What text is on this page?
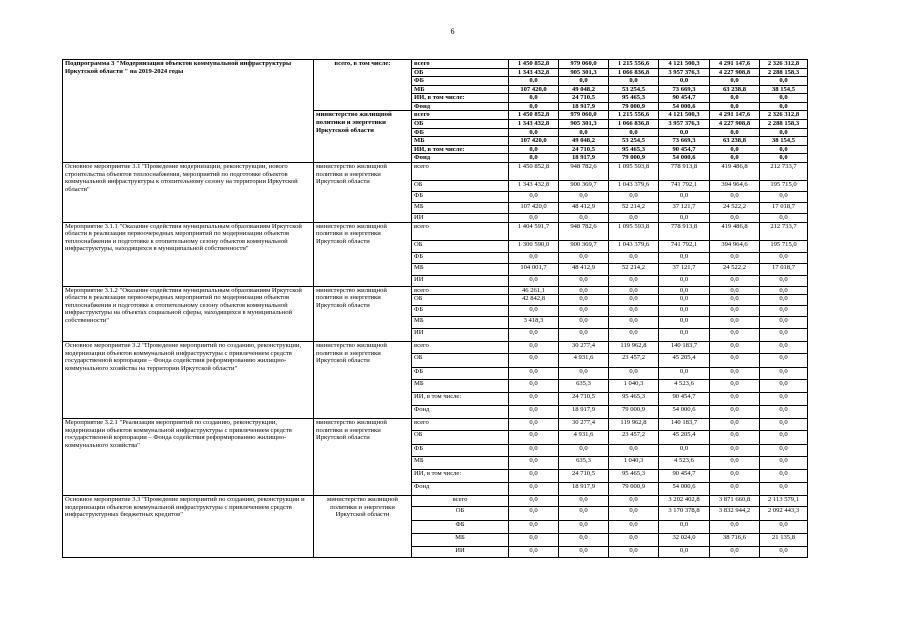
6
Подпрограмма 3 "Модернизация объектов коммунальной инфраструктуры Иркутской области " на 2019-2024 годы	всего, в том числе:	всего	1 450 852,8	979 060,0	1 215 556,6	4 121 500,3	4 291 147,6	2 326 312,8
		ОБ	1 343 432,8	905 301,3	1 066 836,8	3 957 376,3	4 227 908,8	2 288 158,3
		ФБ	0,0	0,0	0,0	0,0	0,0	0,0
		МБ	107 420,0	49 048,2	53 254,5	73 669,3	63 238,8	38 154,5
		ИИ, в том числе:	0,0	24 710,5	95 465,3	90 454,7	0,0	0,0
		Фонд	0,0	18 917,9	79 000,9	54 000,6	0,0	0,0
	министерство жилищной политики и энергетики Иркутской области	всего	1 450 852,8	979 060,0	1 215 556,6	4 121 500,3	4 291 147,6	2 326 312,8
		ОБ	1 343 432,8	905 301,3	1 066 836,8	3 957 376,3	4 227 908,8	2 288 158,3
		ФБ	0,0	0,0	0,0	0,0	0,0	0,0
		МБ	107 420,0	49 048,2	53 254,5	73 669,3	63 238,8	38 154,5
		ИИ, в том числе:	0,0	24 710,5	95 465,3	90 454,7	0,0	0,0
		Фонд	0,0	18 917,9	79 000,9	54 000,6	0,0	0,0
Основное мероприятие 3.1 "Проведение модернизации, реконструкции, нового строительства объектов теплоснабжения, мероприятий по подготовке объектов коммунальной инфраструктуры к отопительному сезону на территории Иркутской области"	министерство жилищной политики и энергетики Иркутской области	всего	1 450 852,8	948 782,6	1 095 593,8	778 913,8	419 486,8	212 733,7
		ОБ	1 343 432,8	900 369,7	1 043 379,6	741 792,1	394 964,6	195 715,0
		ФБ	0,0	0,0	0,0	0,0	0,0	0,0
		МБ	107 420,0	48 412,9	52 214,2	37 121,7	24 522,2	17 018,7
		ИИ	0,0	0,0	0,0	0,0	0,0	0,0
Мероприятие 3.1.1 "Оказание содействия муниципальным образованиям Иркутской области в реализации первоочередных мероприятий по модернизации объектов теплоснабжения и подготовке к отопительному сезону объектов коммунальной инфраструктуры, находящихся в муниципальной собственности"	министерство жилищной политики и энергетики Иркутской области	всего	1 404 591,7	948 782,6	1 095 593,8	778 913,8	419 486,8	212 733,7
		ОБ	1 300 590,0	900 369,7	1 043 379,6	741 792,1	394 964,6	195 715,0
		ФБ	0,0	0,0	0,0	0,0	0,0	0,0
		МБ	104 001,7	48 412,9	52 214,2	37 121,7	24 522,2	17 018,7
		ИИ	0,0	0,0	0,0	0,0	0,0	0,0
Мероприятие 3.1.2 "Оказание содействия муниципальным образованиям Иркутской области в реализации первоочередных мероприятий по модернизации объектов теплоснабжения и подготовке к отопительному сезону объектов коммунальной инфраструктуры на объектах социальной сферы, находящихся в муниципальной собственности"	министерство жилищной политики и энергетики Иркутской области	всего	46 261,1	0,0	0,0	0,0	0,0	0,0
		ОБ	42 842,8	0,0	0,0	0,0	0,0	0,0
		ФБ	0,0	0,0	0,0	0,0	0,0	0,0
		МБ	3 418,3	0,0	0,0	0,0	0,0	0,0
		ИИ	0,0	0,0	0,0	0,0	0,0	0,0
Основное мероприятие 3.2 "Проведение мероприятий по созданию, реконструкции, модернизации объектов коммунальной инфраструктуры с привлечением средств государственной корпорации – Фонда содействия реформированию жилищно-коммунального хозяйства на территории Иркутской области"	министерство жилищной политики и энергетики Иркутской области	всего	0,0	30 277,4	119 962,8	140 183,7	0,0	0,0
		ОБ	0,0	4 931,6	23 457,2	45 205,4	0,0	0,0
		ФБ	0,0	0,0	0,0	0,0	0,0	0,0
		МБ	0,0	635,3	1 040,3	4 523,6	0,0	0,0
		ИИ, в том числе:	0,0	24 710,5	95 465,3	90 454,7	0,0	0,0
		Фонд	0,0	18 917,9	79 000,9	54 000,6	0,0	0,0
Мероприятие 3.2.1 "Реализация мероприятий по созданию, реконструкции, модернизации объектов коммунальной инфраструктуры с привлечением средств государственной корпорации – Фонда содействия реформированию жилищно-коммунального хозяйства"	министерство жилищной политики и энергетики Иркутской области	всего	0,0	30 277,4	119 962,8	140 183,7	0,0	0,0
		ОБ	0,0	4 931,6	23 457,2	45 205,4	0,0	0,0
		ФБ	0,0	0,0	0,0	0,0	0,0	0,0
		МБ	0,0	635,3	1 040,3	4 523,6	0,0	0,0
		ИИ, в том числе:	0,0	24 710,5	95 465,3	90 454,7	0,0	0,0
		Фонд	0,0	18 917,9	79 000,9	54 000,6	0,0	0,0
Основное мероприятие 3.3 "Проведение мероприятий по созданию, реконструкции и модернизации объектов коммунальной инфраструктуры с привлечением средств инфраструктурных бюджетных кредитов"	министерство жилищной политики и энергетики Иркутской области	всего	0,0	0,0	0,0	3 202 402,8	3 871 660,8	2 113 579,1
		ОБ	0,0	0,0	0,0	3 170 378,8	3 832 944,2	2 092 443,3
		ФБ	0,0	0,0	0,0	0,0	0,0	0,0
		МБ	0,0	0,0	0,0	32 024,0	38 716,6	21 135,8
		ИИ	0,0	0,0	0,0	0,0	0,0	0,0
